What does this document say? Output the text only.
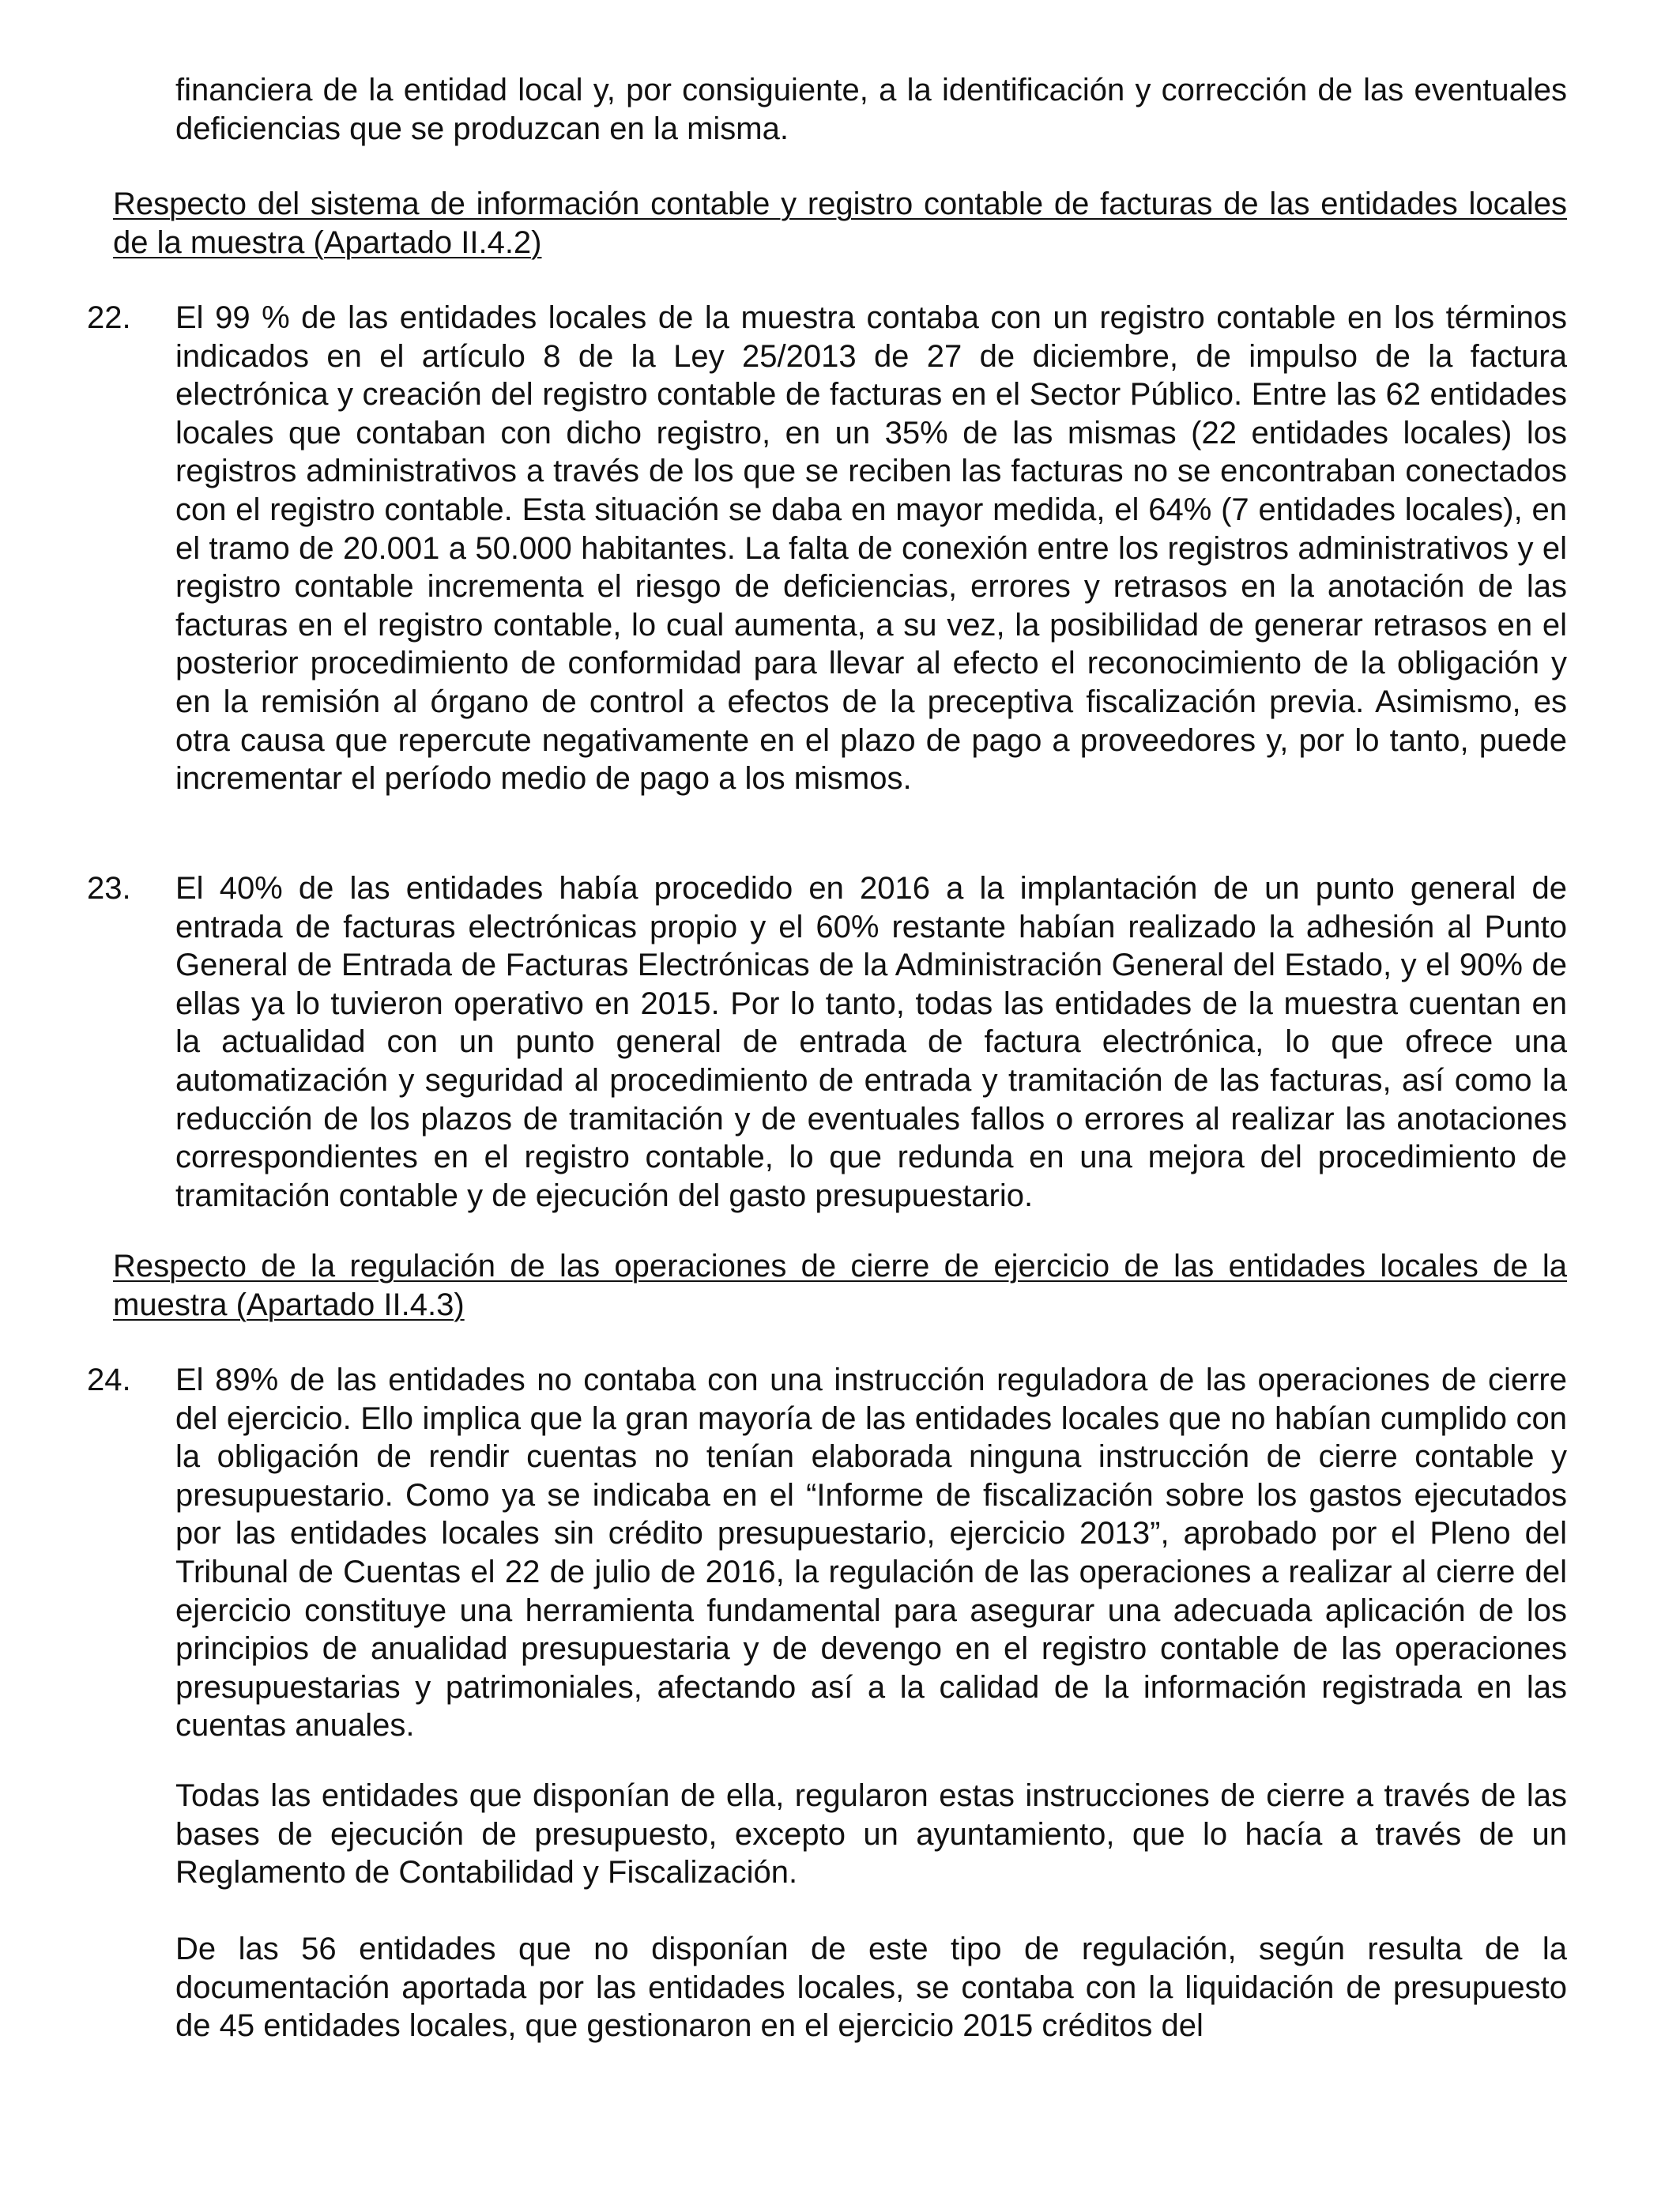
financiera de la entidad local y, por consiguiente, a la identificación y corrección de las eventuales deficiencias que se produzcan en la misma.

Respecto del sistema de información contable y registro contable de facturas de las entidades locales de la muestra (Apartado II.4.2)

22. El 99 % de las entidades locales de la muestra contaba con un registro contable en los términos indicados en el artículo 8 de la Ley 25/2013 de 27 de diciembre, de impulso de la factura electrónica y creación del registro contable de facturas en el Sector Público. Entre las 62 entidades locales que contaban con dicho registro, en un 35% de las mismas (22 entidades locales) los registros administrativos a través de los que se reciben las facturas no se encontraban conectados con el registro contable. Esta situación se daba en mayor medida, el 64% (7 entidades locales), en el tramo de 20.001 a 50.000 habitantes. La falta de conexión entre los registros administrativos y el registro contable incrementa el riesgo de deficiencias, errores y retrasos en la anotación de las facturas en el registro contable, lo cual aumenta, a su vez, la posibilidad de generar retrasos en el posterior procedimiento de conformidad para llevar al efecto el reconocimiento de la obligación y en la remisión al órgano de control a efectos de la preceptiva fiscalización previa. Asimismo, es otra causa que repercute negativamente en el plazo de pago a proveedores y, por lo tanto, puede incrementar el período medio de pago a los mismos.

23. El 40% de las entidades había procedido en 2016 a la implantación de un punto general de entrada de facturas electrónicas propio y el 60% restante habían realizado la adhesión al Punto General de Entrada de Facturas Electrónicas de la Administración General del Estado, y el 90% de ellas ya lo tuvieron operativo en 2015. Por lo tanto, todas las entidades de la muestra cuentan en la actualidad con un punto general de entrada de factura electrónica, lo que ofrece una automatización y seguridad al procedimiento de entrada y tramitación de las facturas, así como la reducción de los plazos de tramitación y de eventuales fallos o errores al realizar las anotaciones correspondientes en el registro contable, lo que redunda en una mejora del procedimiento de tramitación contable y de ejecución del gasto presupuestario.

Respecto de la regulación de las operaciones de cierre de ejercicio de las entidades locales de la muestra (Apartado II.4.3)

24. El 89% de las entidades no contaba con una instrucción reguladora de las operaciones de cierre del ejercicio. Ello implica que la gran mayoría de las entidades locales que no habían cumplido con la obligación de rendir cuentas no tenían elaborada ninguna instrucción de cierre contable y presupuestario. Como ya se indicaba en el “Informe de fiscalización sobre los gastos ejecutados por las entidades locales sin crédito presupuestario, ejercicio 2013”, aprobado por el Pleno del Tribunal de Cuentas el 22 de julio de 2016, la regulación de las operaciones a realizar al cierre del ejercicio constituye una herramienta fundamental para asegurar una adecuada aplicación de los principios de anualidad presupuestaria y de devengo en el registro contable de las operaciones presupuestarias y patrimoniales, afectando así a la calidad de la información registrada en las cuentas anuales.

Todas las entidades que disponían de ella, regularon estas instrucciones de cierre a través de las bases de ejecución de presupuesto, excepto un ayuntamiento, que lo hacía a través de un Reglamento de Contabilidad y Fiscalización.

De las 56 entidades que no disponían de este tipo de regulación, según resulta de la documentación aportada por las entidades locales, se contaba con la liquidación de presupuesto de 45 entidades locales, que gestionaron en el ejercicio 2015 créditos del
